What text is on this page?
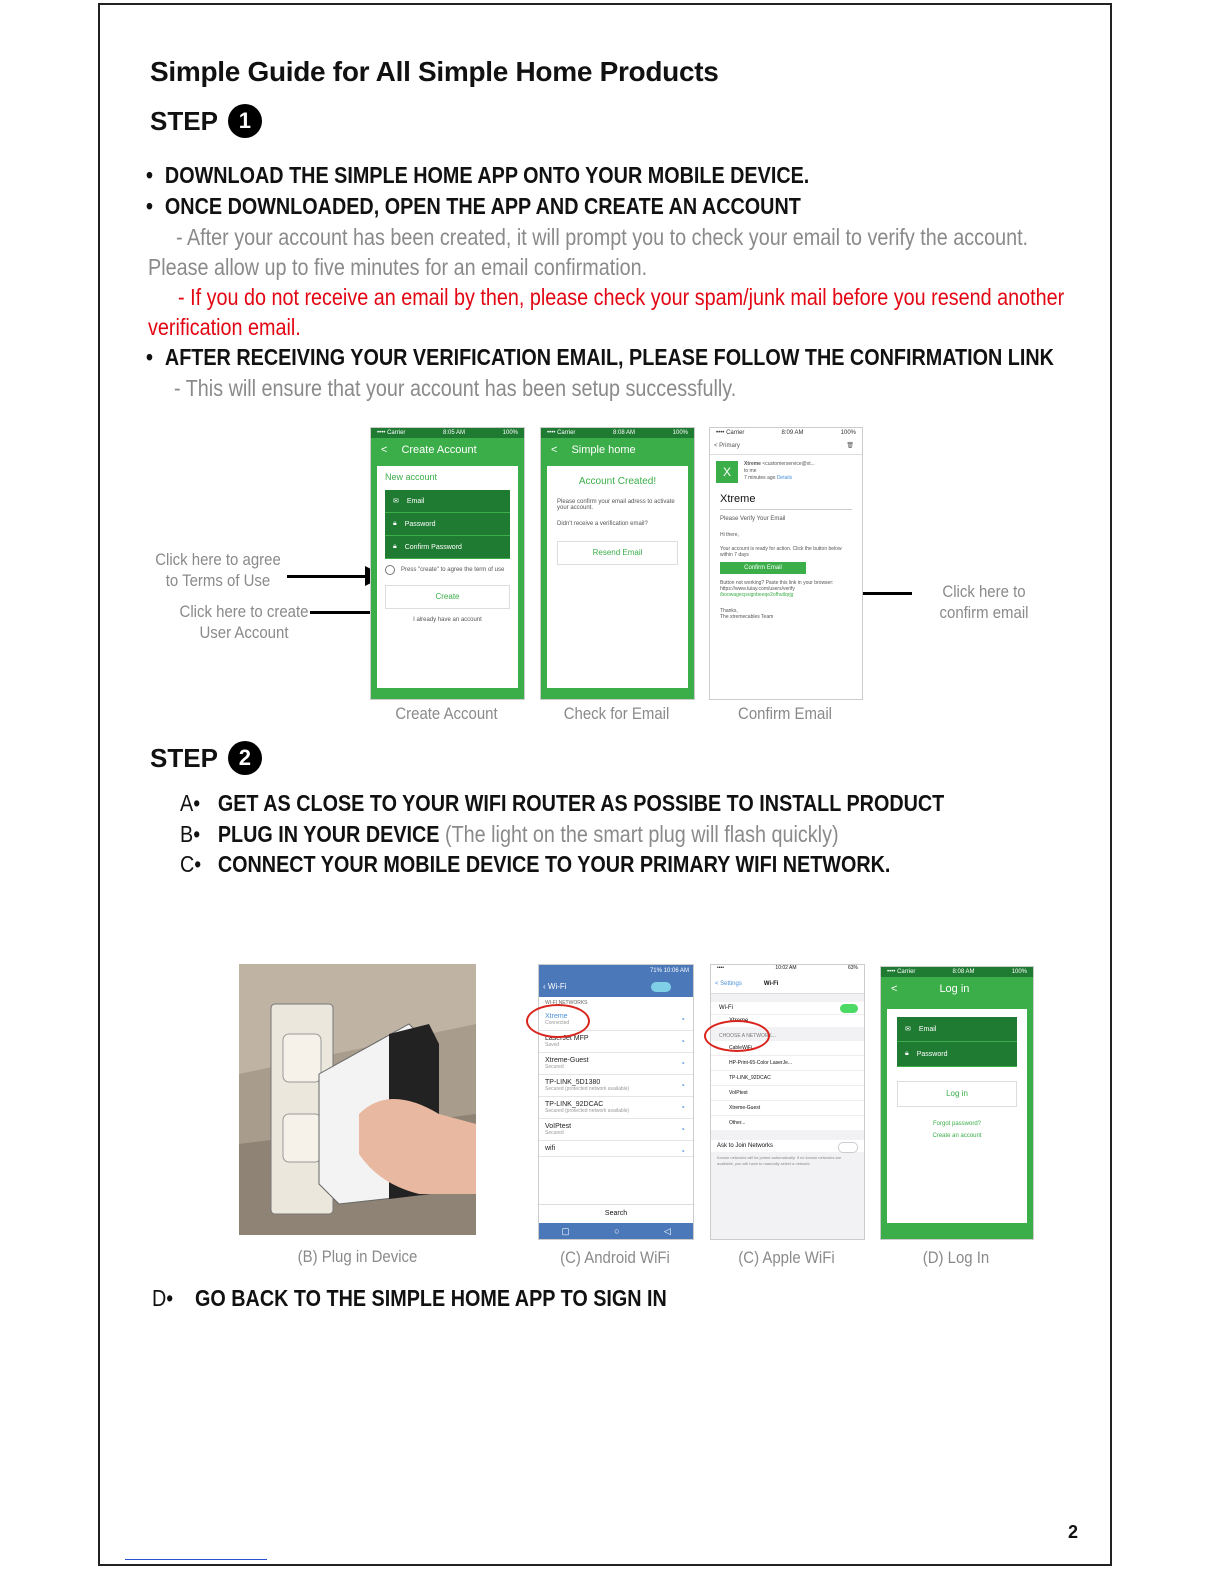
Simple Guide for All Simple Home Products
STEP 1
• DOWNLOAD THE SIMPLE HOME APP ONTO YOUR MOBILE DEVICE.
• ONCE DOWNLOADED, OPEN THE APP AND CREATE AN ACCOUNT
- After your account has been created, it will prompt you to check your email to verify the account.
Please allow up to five minutes for an email confirmation.
- If you do not receive an email by then, please check your spam/junk mail before you resend another
verification email.
• AFTER RECEIVING YOUR VERIFICATION EMAIL, PLEASE FOLLOW THE CONFIRMATION LINK
- This will ensure that your account has been setup successfully.
Click here to agree
to Terms of Use
Click here to create
User Account
Click here to
confirm email
•••• Carrier	8:05 AM	100%
< Create Account
New account
✉ Email
🔒︎ Password
🔒︎ Confirm Password
Press "create" to agree the term of use
Create
I already have an account
•••• Carrier	8:08 AM	100%
< Simple home
Account Created!
Please confirm your email adress to activate your account.
Didn't receive a verification email?
Resend Email
•••• Carrier	8:09 AM	100%
< Primary	🗑︎
X
Xtreme <customerservice@xt...
to me
7 minutes ago Details
Xtreme
Please Verify Your Email
Hi there,
Your account is ready for action. Click the button below within 7 days
Confirm Email
Button not working? Paste this link in your browser: https://www.tuiay.com/users/verify
/boowagecpsignbeeqe2ofhutlqrjg
Thanks,
The xtremecables Team
Create Account	Check for Email	Confirm Email
STEP 2
A• GET AS CLOSE TO YOUR WIFI ROUTER AS POSSIBE TO INSTALL PRODUCT
B• PLUG IN YOUR DEVICE (The light on the smart plug will flash quickly)
C• CONNECT YOUR MOBILE DEVICE TO YOUR PRIMARY WIFI NETWORK.
71% 10:06 AM
‹ Wi-Fi
WI-FI NETWORKS
Xtreme
Connected	◔
LaserJet MFP
Saved	◔
Xtreme-Guest
Secured	◔
TP-LINK_5D1380
Secured (protected network available)	◔
TP-LINK_92DCAC
Secured (protected network available)	◔
VoIPtest
Secured	◔
wifi	◔
Search
▢	○	◁
••••	10:02 AM	63%
< Settings	Wi-Fi
Wi-Fi
Xtreme
CHOOSE A NETWORK...
CableWiFi
HP-Print-65-Color LaserJe...
TP-LINK_92DCAC
VoIPtest
Xtreme-Guest
Other...
Ask to Join Networks
Known networks will be joined automatically. If no known networks are available, you will have to manually select a network.
•••• Carrier	8:08 AM	100%
<	Log in
✉ Email
🔒︎ Password
Log in
Forgot password?
Create an account
(B) Plug in Device	(C) Android WiFi	(C) Apple WiFi	(D) Log In
D• GO BACK TO THE SIMPLE HOME APP TO SIGN IN
2
